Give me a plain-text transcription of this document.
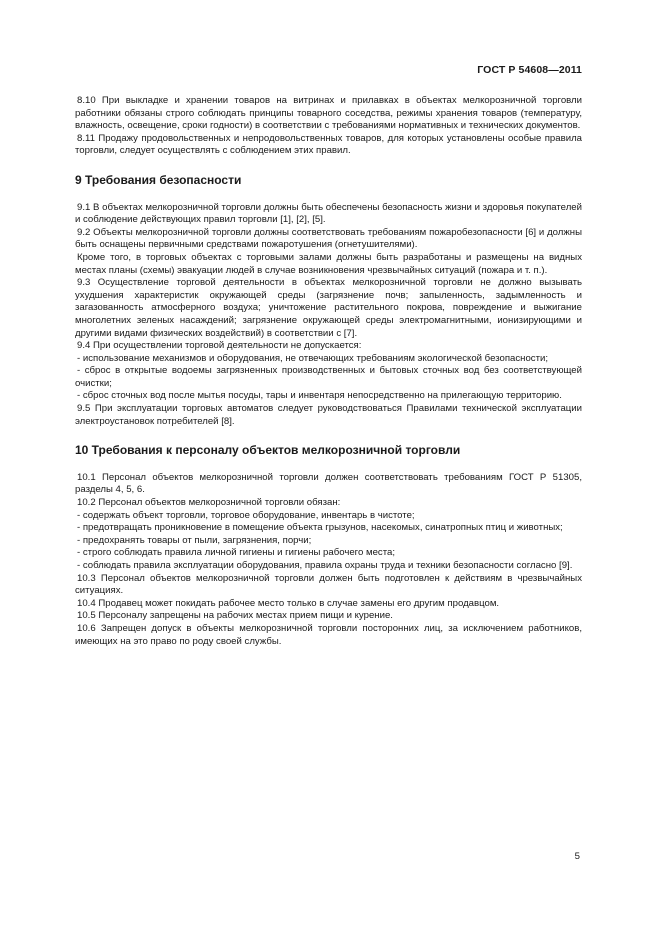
ГОСТ Р 54608—2011

8.10 При выкладке и хранении товаров на витринах и прилавках в объектах мелкорозничной торговли работники обязаны строго соблюдать принципы товарного соседства, режимы хранения товаров (температуру, влажность, освещение, сроки годности) в соответствии с требованиями нормативных и технических документов.

8.11 Продажу продовольственных и непродовольственных товаров, для которых установлены особые правила торговли, следует осуществлять с соблюдением этих правил.

9 Требования безопасности

9.1 В объектах мелкорозничной торговли должны быть обеспечены безопасность жизни и здоровья покупателей и соблюдение действующих правил торговли [1], [2], [5].

9.2 Объекты мелкорозничной торговли должны соответствовать требованиям пожаробезопасности [6] и должны быть оснащены первичными средствами пожаротушения (огнетушителями).

Кроме того, в торговых объектах с торговыми залами должны быть разработаны и размещены на видных местах планы (схемы) эвакуации людей в случае возникновения чрезвычайных ситуаций (пожара и т. п.).

9.3 Осуществление торговой деятельности в объектах мелкорозничной торговли не должно вызывать ухудшения характеристик окружающей среды (загрязнение почв; запыленность, задымленность и загазованность атмосферного воздуха; уничтожение растительного покрова, повреждение и выжигание многолетних зеленых насаждений; загрязнение окружающей среды электромагнитными, ионизирующими и другими видами физических воздействий) в соответствии с [7].

9.4 При осуществлении торговой деятельности не допускается:

- использование механизмов и оборудования, не отвечающих требованиям экологической безопасности;

- сброс в открытые водоемы загрязненных производственных и бытовых сточных вод без соответствующей очистки;

- сброс сточных вод после мытья посуды, тары и инвентаря непосредственно на прилегающую территорию.

9.5 При эксплуатации торговых автоматов следует руководствоваться Правилами технической эксплуатации электроустановок потребителей [8].

10 Требования к персоналу объектов мелкорозничной торговли

10.1 Персонал объектов мелкорозничной торговли должен соответствовать требованиям ГОСТ Р 51305, разделы 4, 5, 6.

10.2 Персонал объектов мелкорозничной торговли обязан:

- содержать объект торговли, торговое оборудование, инвентарь в чистоте;

- предотвращать проникновение в помещение объекта грызунов, насекомых, синатропных птиц и животных;

- предохранять товары от пыли, загрязнения, порчи;

- строго соблюдать правила личной гигиены и гигиены рабочего места;

- соблюдать правила эксплуатации оборудования, правила охраны труда и техники безопасности согласно [9].

10.3 Персонал объектов мелкорозничной торговли должен быть подготовлен к действиям в чрезвычайных ситуациях.

10.4 Продавец может покидать рабочее место только в случае замены его другим продавцом.

10.5 Персоналу запрещены на рабочих местах прием пищи и курение.

10.6 Запрещен допуск в объекты мелкорозничной торговли посторонних лиц, за исключением работников, имеющих на это право по роду своей службы.

5
